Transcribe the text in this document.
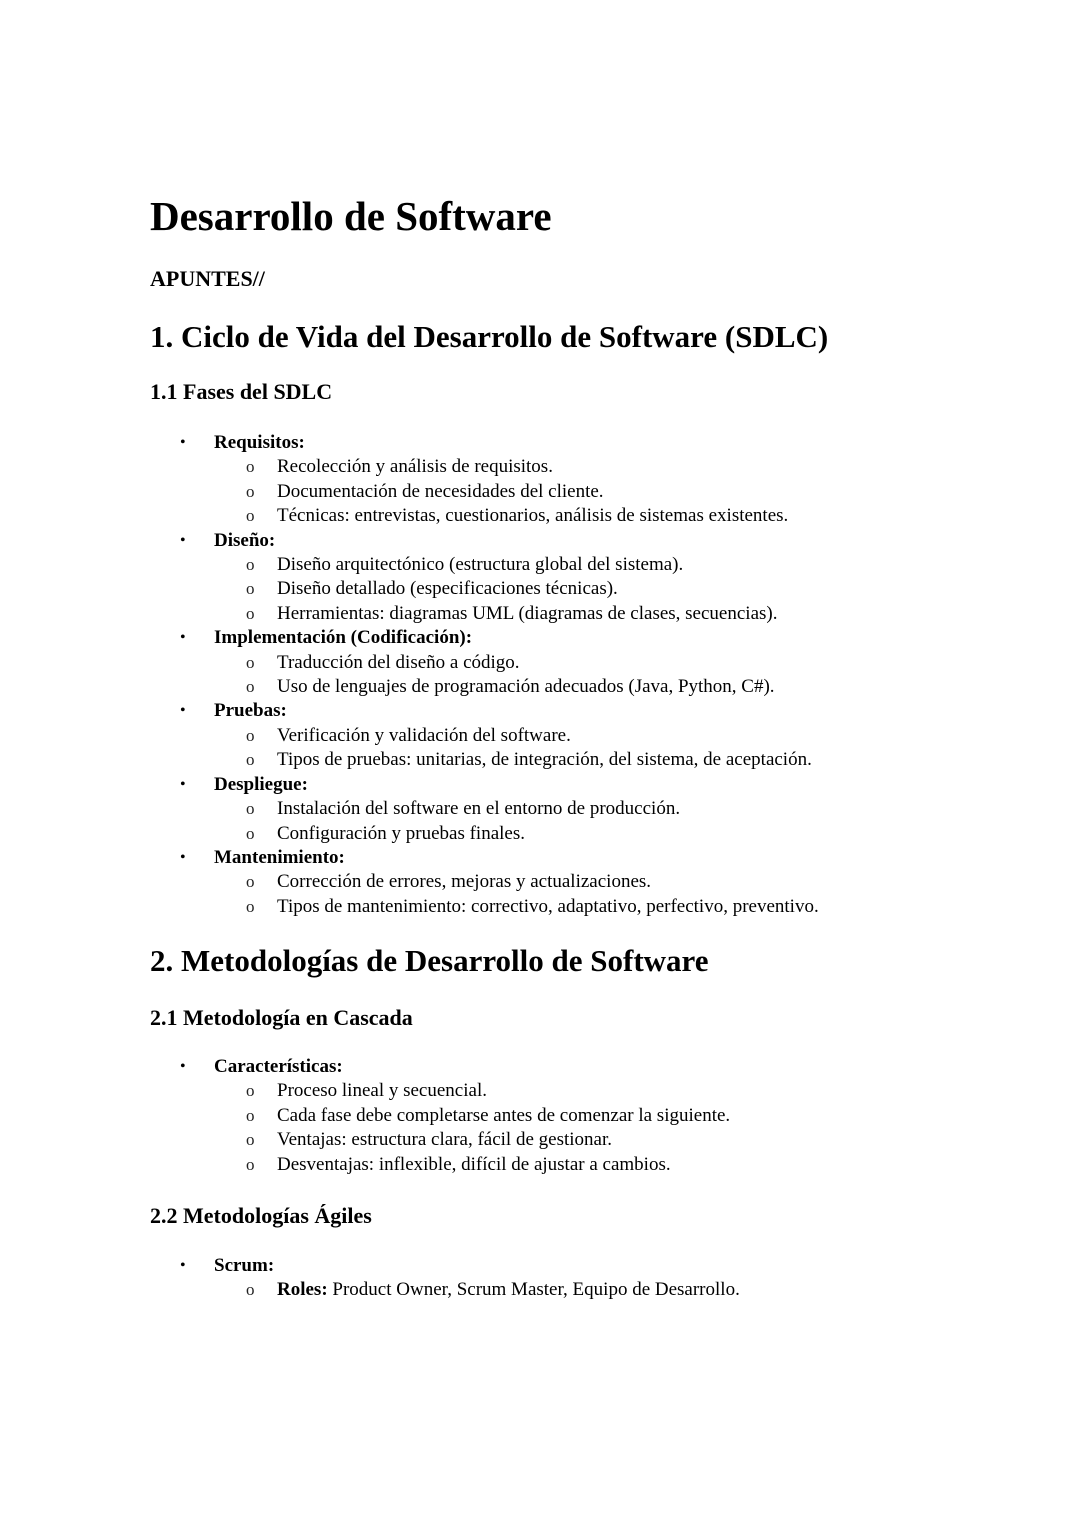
Desarrollo de Software

APUNTES//

1. Ciclo de Vida del Desarrollo de Software (SDLC)
1.1 Fases del SDLC
• Requisitos:
o Recolección y análisis de requisitos.
o Documentación de necesidades del cliente.
o Técnicas: entrevistas, cuestionarios, análisis de sistemas existentes.
• Diseño:
o Diseño arquitectónico (estructura global del sistema).
o Diseño detallado (especificaciones técnicas).
o Herramientas: diagramas UML (diagramas de clases, secuencias).
• Implementación (Codificación):
o Traducción del diseño a código.
o Uso de lenguajes de programación adecuados (Java, Python, C#).
• Pruebas:
o Verificación y validación del software.
o Tipos de pruebas: unitarias, de integración, del sistema, de aceptación.
• Despliegue:
o Instalación del software en el entorno de producción.
o Configuración y pruebas finales.
• Mantenimiento:
o Corrección de errores, mejoras y actualizaciones.
o Tipos de mantenimiento: correctivo, adaptativo, perfectivo, preventivo.
2. Metodologías de Desarrollo de Software
2.1 Metodología en Cascada
• Características:
o Proceso lineal y secuencial.
o Cada fase debe completarse antes de comenzar la siguiente.
o Ventajas: estructura clara, fácil de gestionar.
o Desventajas: inflexible, difícil de ajustar a cambios.
2.2 Metodologías Ágiles
• Scrum:
o Roles: Product Owner, Scrum Master, Equipo de Desarrollo.
